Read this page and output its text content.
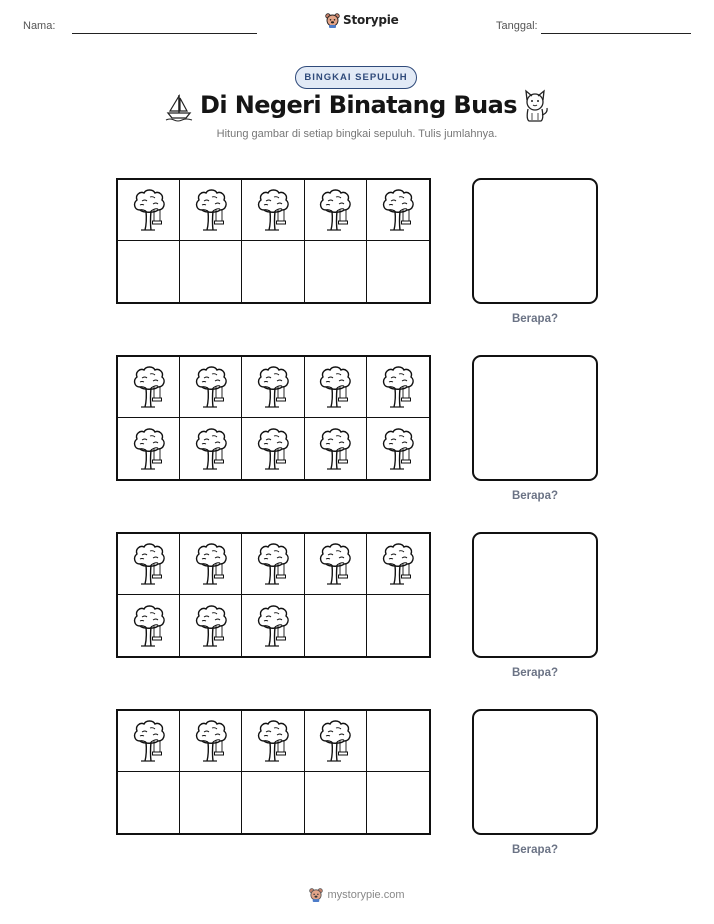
Nama:	Storypie	Tanggal:
BINGKAI SEPULUH
Di Negeri Binatang Buas
Hitung gambar di setiap bingkai sepuluh. Tulis jumlahnya.
Berapa?
Berapa?
Berapa?
Berapa?
mystorypie.com
